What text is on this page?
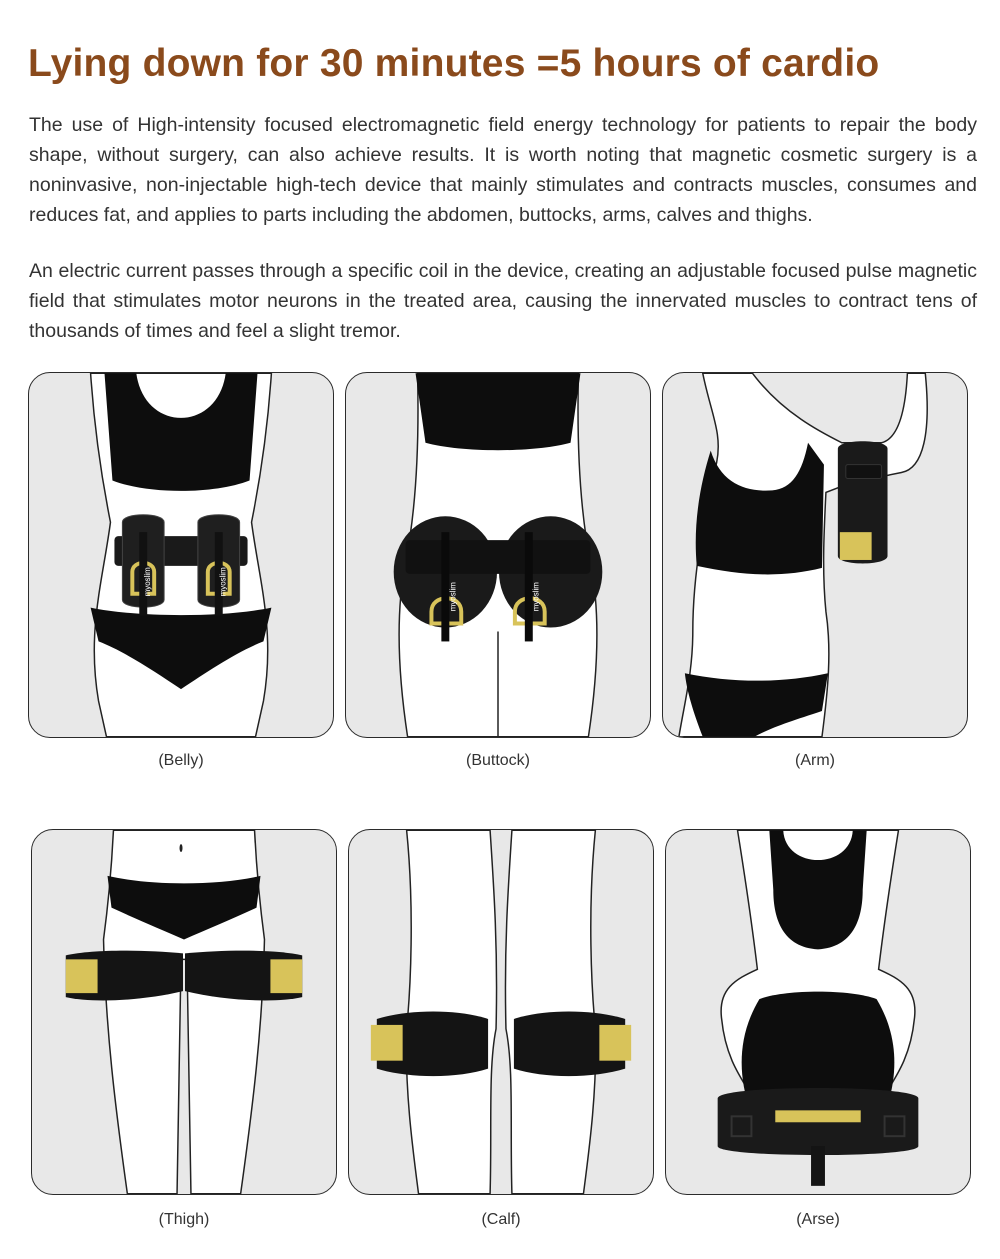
Lying down for 30 minutes =5 hours of cardio

The use of High-intensity focused electromagnetic field energy technology for patients to repair the body shape, without surgery, can also achieve results. It is worth noting that magnetic cosmetic surgery is a noninvasive, non-injectable high-tech device that mainly stimulates and contracts muscles, consumes and reduces fat, and applies to parts including the abdomen, buttocks, arms, calves and thighs.

An electric current passes through a specific coil in the device, creating an adjustable focused pulse magnetic field that stimulates motor neurons in the treated area, causing the innervated muscles to contract tens of thousands of times and feel a slight tremor.

myoslim	myoslim
(Belly)
myoslim	myoslim
(Buttock)	(Arm)
(Thigh)	(Calf)	(Arse)
